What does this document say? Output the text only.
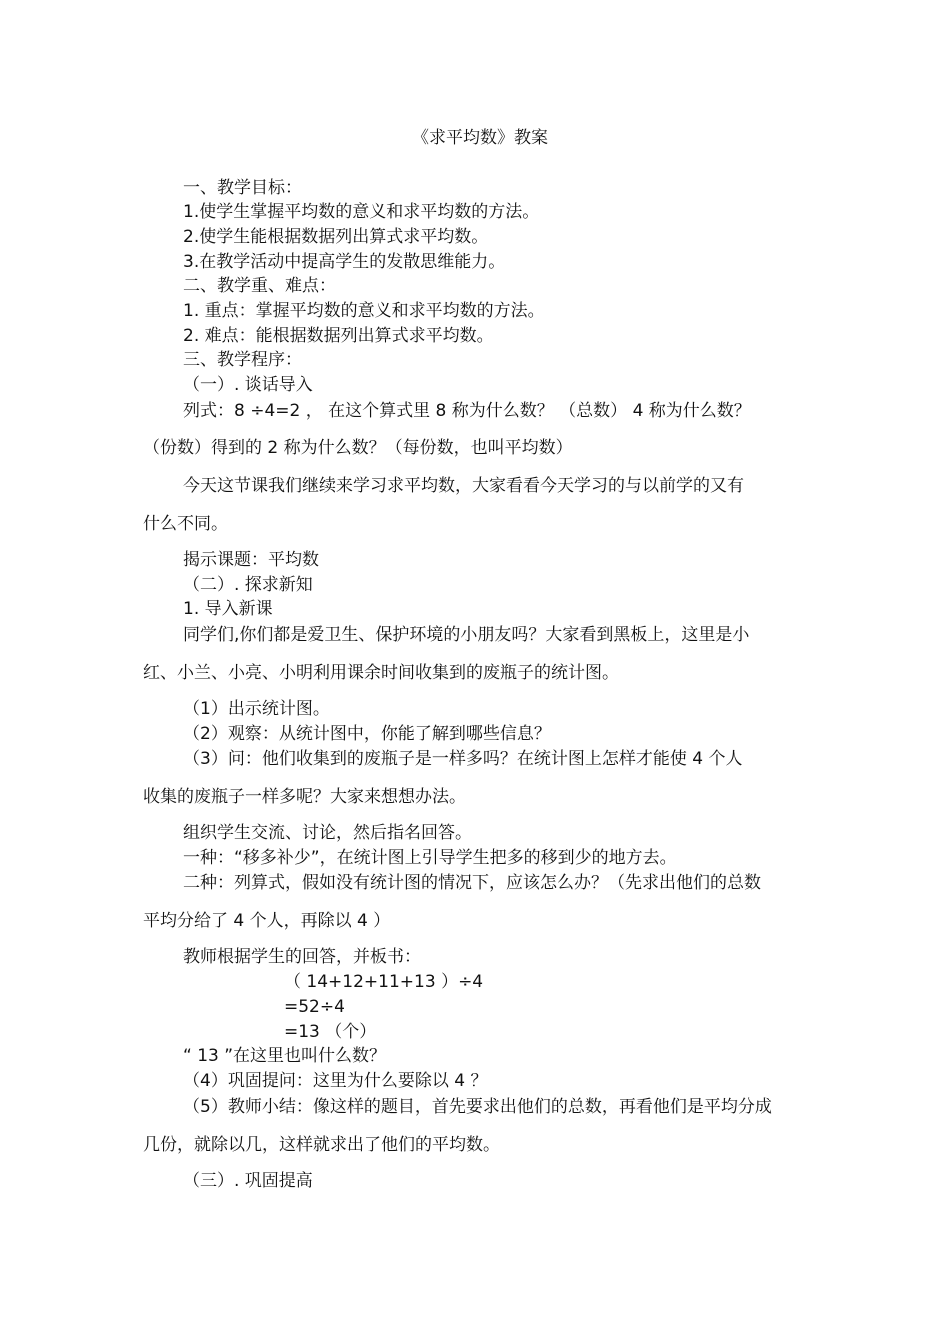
《求平均数》教案
一、教学目标：
1.使学生掌握平均数的意义和求平均数的方法。
2.使学生能根据数据列出算式求平均数。
3.在教学活动中提高学生的发散思维能力。
二、教学重、难点：
1. 重点：掌握平均数的意义和求平均数的方法。
2. 难点：能根据数据列出算式求平均数。
三、教学程序：
（一）. 谈话导入
列式：8 ÷4=2 ， 在这个算式里 8 称为什么数？ （总数） 4 称为什么数？
（份数）得到的 2 称为什么数？（每份数，也叫平均数）
今天这节课我们继续来学习求平均数，大家看看今天学习的与以前学的又有
什么不同。
揭示课题：平均数
（二）. 探求新知
1. 导入新课
同学们,你们都是爱卫生、保护环境的小朋友吗？大家看到黑板上，这里是小
红、小兰、小亮、小明利用课余时间收集到的废瓶子的统计图。
（1）出示统计图。
（2）观察：从统计图中，你能了解到哪些信息？
（3）问：他们收集到的废瓶子是一样多吗？在统计图上怎样才能使 4 个人
收集的废瓶子一样多呢？大家来想想办法。
组织学生交流、讨论，然后指名回答。
一种：“移多补少”，在统计图上引导学生把多的移到少的地方去。
二种：列算式，假如没有统计图的情况下，应该怎么办？（先求出他们的总数
平均分给了 4 个人，再除以 4 ）
教师根据学生的回答，并板书：
（ 14+12+11+13 ）÷4
=52÷4
=13 （个）
“ 13 ”在这里也叫什么数？
（4）巩固提问：这里为什么要除以 4 ？
（5）教师小结：像这样的题目，首先要求出他们的总数，再看他们是平均分成
几份，就除以几，这样就求出了他们的平均数。
（三）. 巩固提高
